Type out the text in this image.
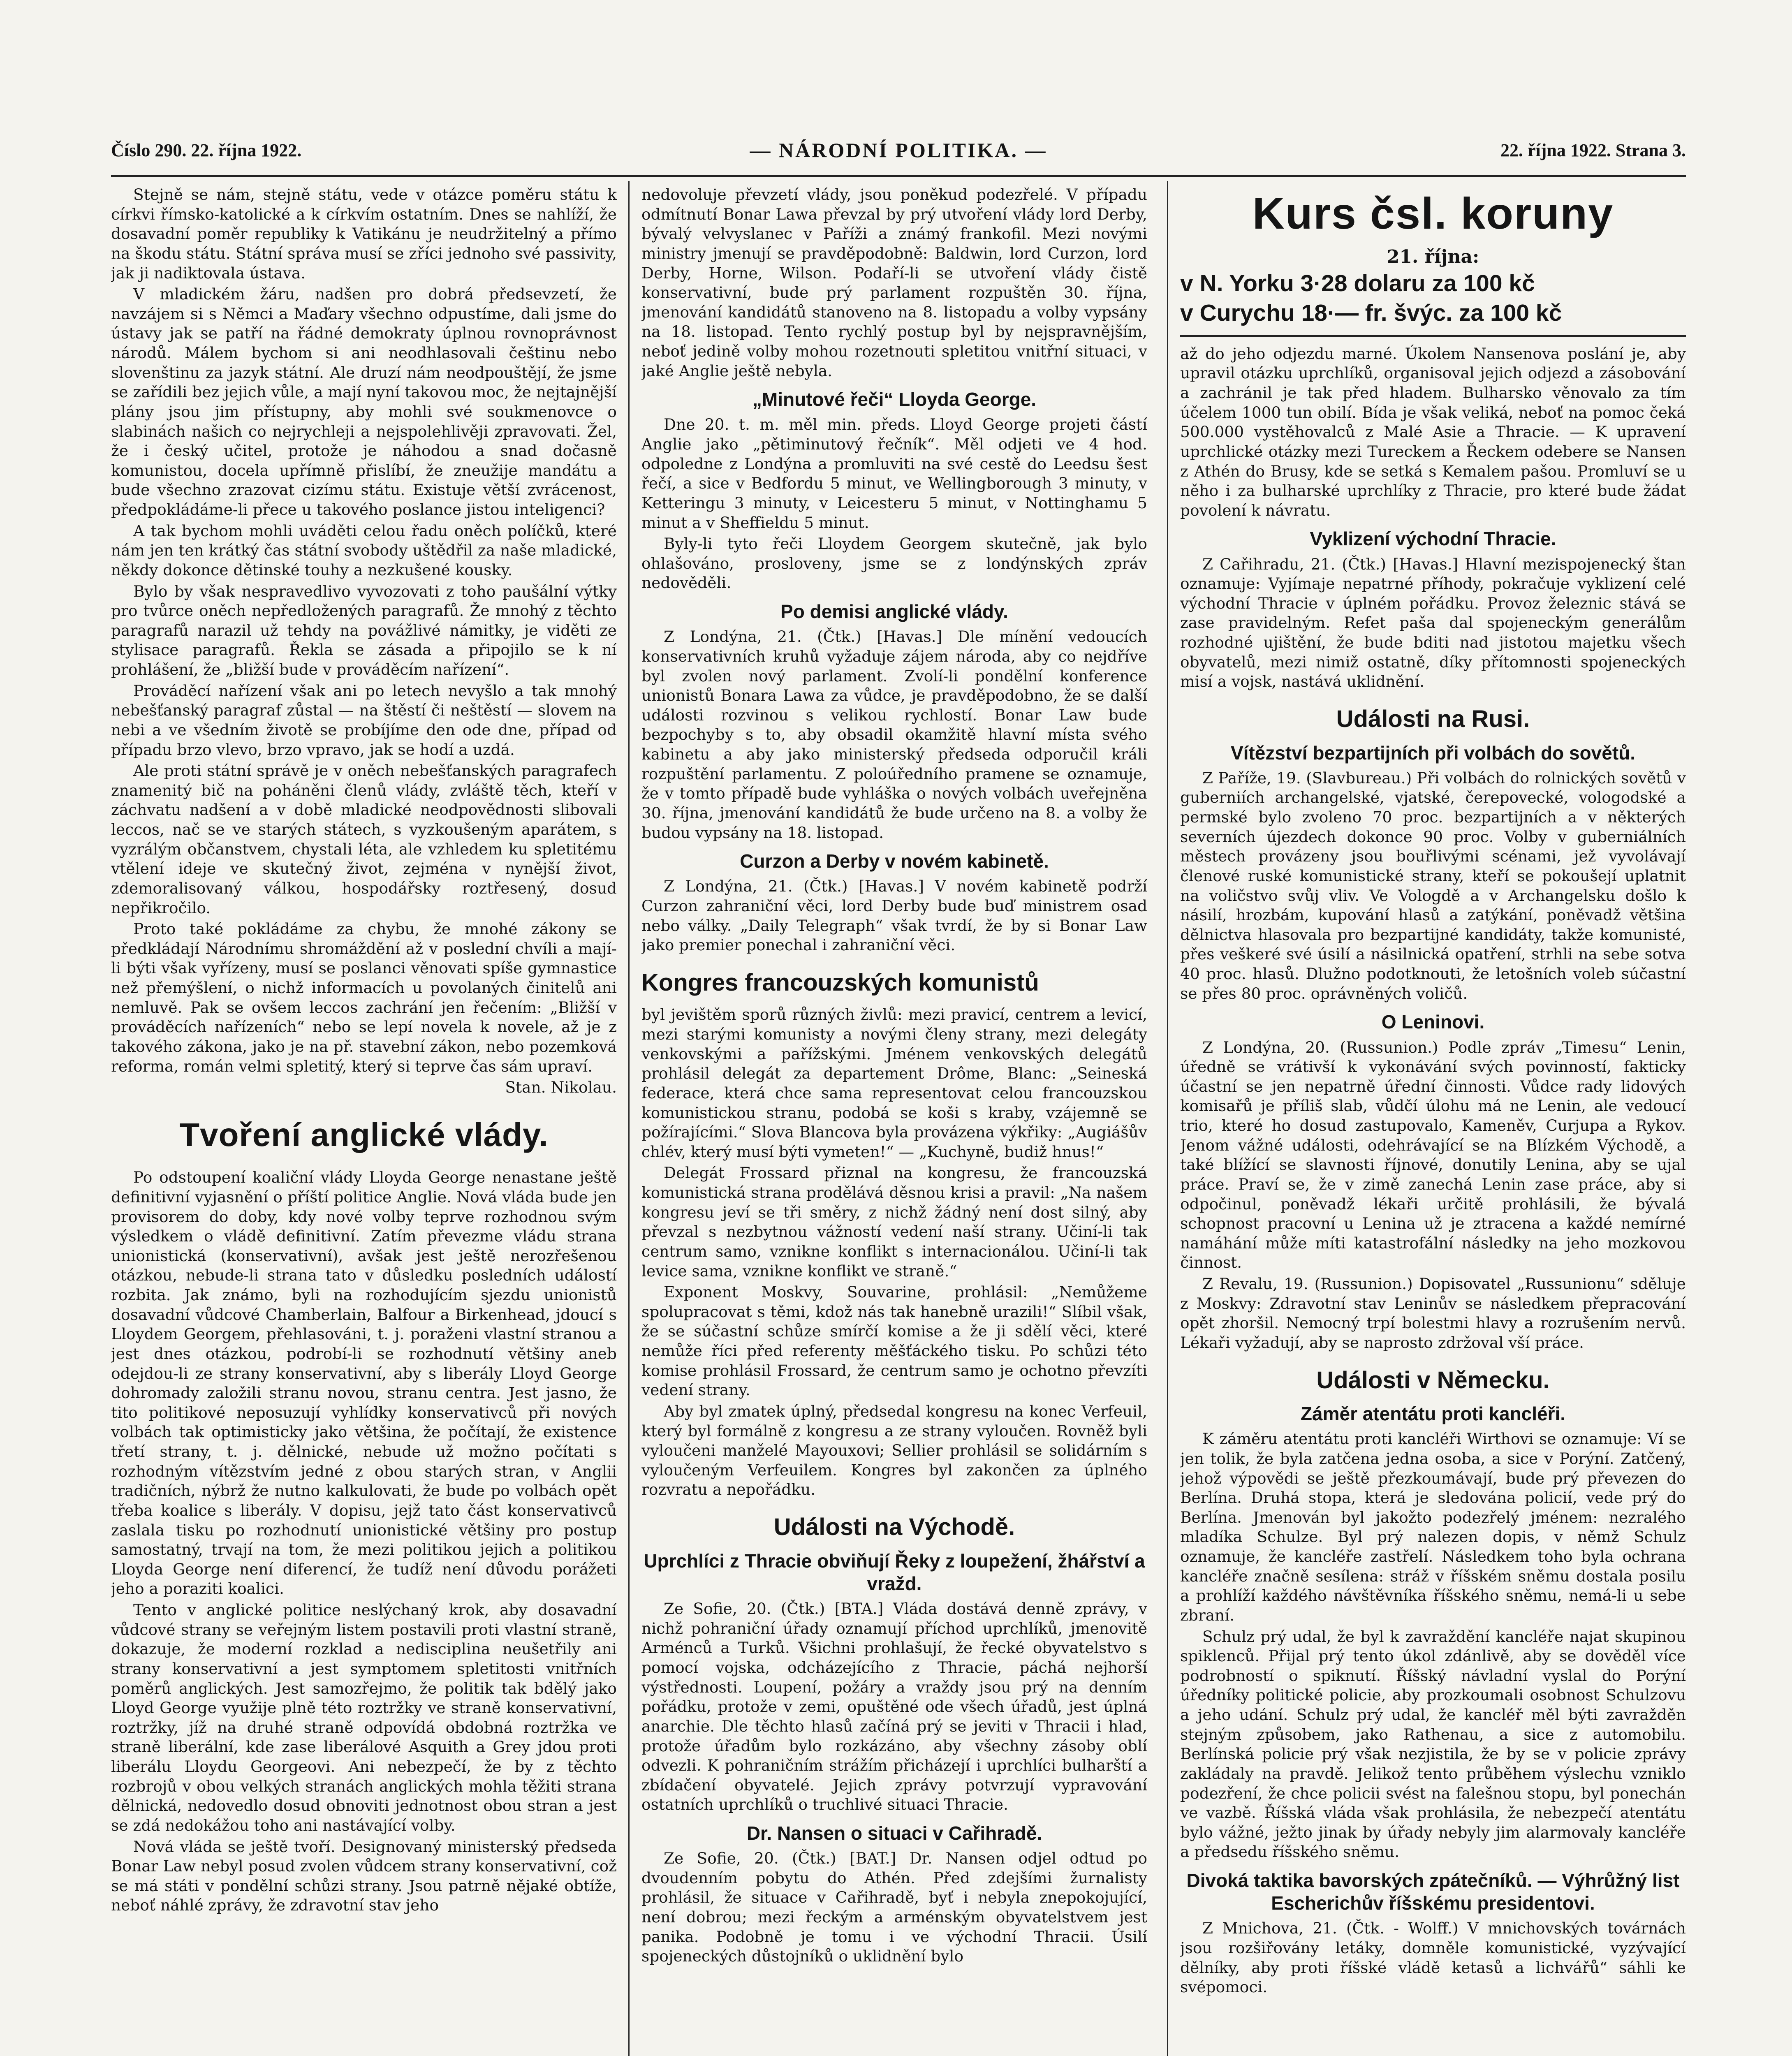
Číslo 290. 22. října 1922.	— NÁRODNÍ POLITIKA. —	22. října 1922. Strana 3.

Stejně se nám, stejně státu, vede v otázce poměru státu k církvi římsko-katolické a k církvím ostatním. Dnes se nahlíží, že dosavadní poměr republiky k Vatikánu je neudržitelný a přímo na škodu státu. Státní správa musí se zříci jednoho své passivity, jak ji nadiktovala ústava.

V mladickém žáru, nadšen pro dobrá předsevzetí, že navzájem si s Němci a Maďary všechno odpustíme, dali jsme do ústavy jak se patří na řádné demokraty úplnou rovnoprávnost národů. Málem bychom si ani neodhlasovali češtinu nebo slovenštinu za jazyk státní. Ale druzí nám neodpouštějí, že jsme se zařídili bez jejich vůle, a mají nyní takovou moc, že nejtajnější plány jsou jim přístupny, aby mohli své soukmenovce o slabinách našich co nejrychleji a nejspolehlivěji zpravovati. Žel, že i český učitel, protože je náhodou a snad dočasně komunistou, docela upřímně přislíbí, že zneužije mandátu a bude všechno zrazovat cizímu státu. Existuje větší zvrácenost, předpokládáme-li přece u takového poslance jistou inteligenci?

A tak bychom mohli uváděti celou řadu oněch políčků, které nám jen ten krátký čas státní svobody uštědřil za naše mladické, někdy dokonce dětinské touhy a nezkušené kousky.

Bylo by však nespravedlivo vyvozovati z toho paušální výtky pro tvůrce oněch nepředložených paragrafů. Že mnohý z těchto paragrafů narazil už tehdy na povážlivé námitky, je viděti ze stylisace paragrafů. Řekla se zásada a připojilo se k ní prohlášení, že „bližší bude v prováděcím nařízení“.

Prováděcí nařízení však ani po letech nevyšlo a tak mnohý nebešťanský paragraf zůstal — na štěstí či neštěstí — slovem na nebi a ve všedním životě se probíjíme den ode dne, případ od případu brzo vlevo, brzo vpravo, jak se hodí a uzdá.

Ale proti státní správě je v oněch nebešťanských paragrafech znamenitý bič na poháněni členů vlády, zvláště těch, kteří v záchvatu nadšení a v době mladické neodpovědnosti slibovali leccos, nač se ve starých státech, s vyzkoušeným aparátem, s vyzrálým občanstvem, chystali léta, ale vzhledem ku spletitému vtělení ideje ve skutečný život, zejména v nynější život, zdemoralisovaný válkou, hospodářsky roztřesený, dosud nepřikročilo.

Proto také pokládáme za chybu, že mnohé zákony se předkládají Národnímu shromáždění až v poslední chvíli a mají-li býti však vyřízeny, musí se poslanci věnovati spíše gymnastice než přemýšlení, o nichž informacích u povolaných činitelů ani nemluvě. Pak se ovšem leccos zachrání jen řečením: „Bližší v prováděcích nařízeních“ nebo se lepí novela k novele, až je z takového zákona, jako je na př. stavební zákon, nebo pozemková reforma, román velmi spletitý, který si teprve čas sám upraví.

Stan. Nikolau.

Tvoření anglické vlády.

Po odstoupení koaliční vlády Lloyda George nenastane ještě definitivní vyjasnění o příští politice Anglie. Nová vláda bude jen provisorem do doby, kdy nové volby teprve rozhodnou svým výsledkem o vládě definitivní. Zatím převezme vládu strana unionistická (konservativní), avšak jest ještě nerozřešenou otázkou, nebude-li strana tato v důsledku posledních událostí rozbita. Jak známo, byli na rozhodujícím sjezdu unionistů dosavadní vůdcové Chamberlain, Balfour a Birkenhead, jdoucí s Lloydem Georgem, přehlasováni, t. j. poraženi vlastní stranou a jest dnes otázkou, podrobí-li se rozhodnutí většiny aneb odejdou-li ze strany konservativní, aby s liberály Lloyd George dohromady založili stranu novou, stranu centra. Jest jasno, že tito politikové neposuzují vyhlídky konservativců při nových volbách tak optimisticky jako většina, že počítají, že existence třetí strany, t. j. dělnické, nebude už možno počítati s rozhodným vítězstvím jedné z obou starých stran, v Anglii tradičních, nýbrž že nutno kalkulovati, že bude po volbách opět třeba koalice s liberály. V dopisu, jejž tato část konservativců zaslala tisku po rozhodnutí unionistické většiny pro postup samostatný, trvají na tom, že mezi politikou jejich a politikou Lloyda George není diferencí, že tudíž není důvodu porážeti jeho a poraziti koalici.

Tento v anglické politice neslýchaný krok, aby dosavadní vůdcové strany se veřejným listem postavili proti vlastní straně, dokazuje, že moderní rozklad a nedisciplina neušetřily ani strany konservativní a jest symptomem spletitosti vnitřních poměrů anglických. Jest samozřejmo, že politik tak bdělý jako Lloyd George využije plně této roztržky ve straně konservativní, roztržky, jíž na druhé straně odpovídá obdobná roztržka ve straně liberální, kde zase liberálové Asquith a Grey jdou proti liberálu Lloydu Georgeovi. Ani nebezpečí, že by z těchto rozbrojů v obou velkých stranách anglických mohla těžiti strana dělnická, nedovedlo dosud obnoviti jednotnost obou stran a jest se zdá nedokážou toho ani nastávající volby.

Nová vláda se ještě tvoří. Designovaný ministerský předseda Bonar Law nebyl posud zvolen vůdcem strany konservativní, což se má státi v pondělní schůzi strany. Jsou patrně nějaké obtíže, neboť náhlé zprávy, že zdravotní stav jeho

nedovoluje převzetí vlády, jsou poněkud podezřelé. V případu odmítnutí Bonar Lawa převzal by prý utvoření vlády lord Derby, bývalý velvyslanec v Paříži a známý frankofil. Mezi novými ministry jmenují se pravděpodobně: Baldwin, lord Curzon, lord Derby, Horne, Wilson. Podaří-li se utvoření vlády čistě konservativní, bude prý parlament rozpuštěn 30. října, jmenování kandidátů stanoveno na 8. listopadu a volby vypsány na 18. listopad. Tento rychlý postup byl by nejspravnějším, neboť jedině volby mohou rozetnouti spletitou vnitřní situaci, v jaké Anglie ještě nebyla.

„Minutové řeči“ Lloyda George.

Dne 20. t. m. měl min. předs. Lloyd George projeti částí Anglie jako „pětiminutový řečník“. Měl odjeti ve 4 hod. odpoledne z Londýna a promluviti na své cestě do Leedsu šest řečí, a sice v Bedfordu 5 minut, ve Wellingborough 3 minuty, v Ketteringu 3 minuty, v Leicesteru 5 minut, v Nottinghamu 5 minut a v Sheffieldu 5 minut.

Byly-li tyto řeči Lloydem Georgem skutečně, jak bylo ohlašováno, prosloveny, jsme se z londýnských zpráv nedověděli.

Po demisi anglické vlády.

Z Londýna, 21. (Čtk.) [Havas.] Dle mínění vedoucích konservativních kruhů vyžaduje zájem národa, aby co nejdříve byl zvolen nový parlament. Zvolí-li pondělní konference unionistů Bonara Lawa za vůdce, je pravděpodobno, že se další události rozvinou s velikou rychlostí. Bonar Law bude bezpochyby s to, aby obsadil okamžitě hlavní místa svého kabinetu a aby jako ministerský předseda odporučil králi rozpuštění parlamentu. Z poloúředního pramene se oznamuje, že v tomto případě bude vyhláška o nových volbách uveřejněna 30. října, jmenování kandidátů že bude určeno na 8. a volby že budou vypsány na 18. listopad.

Curzon a Derby v novém kabinetě.

Z Londýna, 21. (Čtk.) [Havas.] V novém kabinetě podrží Curzon zahraniční věci, lord Derby bude buď ministrem osad nebo války. „Daily Telegraph“ však tvrdí, že by si Bonar Law jako premier ponechal i zahraniční věci.

Kongres francouzských komunistů

byl jevištěm sporů různých živlů: mezi pravicí, centrem a levicí, mezi starými komunisty a novými členy strany, mezi delegáty venkovskými a pařížskými. Jménem venkovských delegátů prohlásil delegát za departement Drôme, Blanc: „Seineská federace, která chce sama representovat celou francouzskou komunistickou stranu, podobá se koši s kraby, vzájemně se požírajícími.“ Slova Blancova byla provázena výkřiky: „Augiášův chlév, který musí býti vymeten!“ — „Kuchyně, budiž hnus!“

Delegát Frossard přiznal na kongresu, že francouzská komunistická strana prodělává děsnou krisi a pravil: „Na našem kongresu jeví se tři směry, z nichž žádný není dost silný, aby převzal s nezbytnou vážností vedení naší strany. Učiní-li tak centrum samo, vznikne konflikt s internacionálou. Učiní-li tak levice sama, vznikne konflikt ve straně.“

Exponent Moskvy, Souvarine, prohlásil: „Nemůžeme spolupracovat s těmi, kdož nás tak hanebně urazili!“ Slíbil však, že se súčastní schůze smírčí komise a že ji sdělí věci, které nemůže říci před referenty měšťáckého tisku. Po schůzi této komise prohlásil Frossard, že centrum samo je ochotno převzíti vedení strany.

Aby byl zmatek úplný, předsedal kongresu na konec Verfeuil, který byl formálně z kongresu a ze strany vyloučen. Rovněž byli vyloučeni manželé Mayouxovi; Sellier prohlásil se solidárním s vyloučeným Verfeuilem. Kongres byl zakončen za úplného rozvratu a nepořádku.

Události na Východě.
Uprchlíci z Thracie obviňují Řeky z loupežení, žhářství a vražd.

Ze Sofie, 20. (Čtk.) [BTA.] Vláda dostává denně zprávy, v nichž pohraniční úřady oznamují příchod uprchlíků, jmenovitě Arménců a Turků. Všichni prohlašují, že řecké obyvatelstvo s pomocí vojska, odcházejícího z Thracie, páchá nejhorší výstřednosti. Loupení, požáry a vraždy jsou prý na denním pořádku, protože v zemi, opuštěné ode všech úřadů, jest úplná anarchie. Dle těchto hlasů začíná prý se jeviti v Thracii i hlad, protože úřadům bylo rozkázáno, aby všechny zásoby oblí odvezli. K pohraničním strážím přicházejí i uprchlíci bulharští a zbídačení obyvatelé. Jejich zprávy potvrzují vypravování ostatních uprchlíků o truchlivé situaci Thracie.

Dr. Nansen o situaci v Cařihradě.

Ze Sofie, 20. (Čtk.) [BAT.] Dr. Nansen odjel odtud po dvoudenním pobytu do Athén. Před zdejšími žurnalisty prohlásil, že situace v Cařihradě, byť i nebyla znepokojující, není dobrou; mezi řeckým a arménským obyvatelstvem jest panika. Podobně je tomu i ve východní Thracii. Úsilí spojeneckých důstojníků o uklidnění bylo

Kurs čsl. koruny
21. října:
v N. Yorku 3·28 dolaru za 100 kč
v Curychu 18·— fr. švýc. za 100 kč

až do jeho odjezdu marné. Úkolem Nansenova poslání je, aby upravil otázku uprchlíků, organisoval jejich odjezd a zásobování a zachránil je tak před hladem. Bulharsko věnovalo za tím účelem 1000 tun obilí. Bída je však veliká, neboť na pomoc čeká 500.000 vystěhovalců z Malé Asie a Thracie. — K upravení uprchlické otázky mezi Tureckem a Řeckem odebere se Nansen z Athén do Brusy, kde se setká s Kemalem pašou. Promluví se u něho i za bulharské uprchlíky z Thracie, pro které bude žádat povolení k návratu.

Vyklizení východní Thracie.

Z Cařihradu, 21. (Čtk.) [Havas.] Hlavní mezispojenecký štan oznamuje: Vyjímaje nepatrné příhody, pokračuje vyklizení celé východní Thracie v úplném pořádku. Provoz železnic stává se zase pravidelným. Refet paša dal spojeneckým generálům rozhodné ujištění, že bude bditi nad jistotou majetku všech obyvatelů, mezi nimiž ostatně, díky přítomnosti spojeneckých misí a vojsk, nastává uklidnění.

Události na Rusi.
Vítězství bezpartijních při volbách do sovětů.

Z Paříže, 19. (Slavbureau.) Při volbách do rolnických sovětů v guberniích archangelské, vjatské, čerepovecké, vologodské a permské bylo zvoleno 70 proc. bezpartijních a v některých severních újezdech dokonce 90 proc. Volby v guberniálních městech provázeny jsou bouřlivými scénami, jež vyvolávají členové ruské komunistické strany, kteří se pokoušejí uplatnit na voličstvo svůj vliv. Ve Vologdě a v Archangelsku došlo k násilí, hrozbám, kupování hlasů a zatýkání, poněvadž většina dělnictva hlasovala pro bezpartijné kandidáty, takže komunisté, přes veškeré své úsilí a násilnická opatření, strhli na sebe sotva 40 proc. hlasů. Dlužno podotknouti, že letošních voleb súčastní se přes 80 proc. oprávněných voličů.

O Leninovi.

Z Londýna, 20. (Russunion.) Podle zpráv „Timesu“ Lenin, úředně se vrátivší k vykonávání svých povinností, fakticky účastní se jen nepatrně úřední činnosti. Vůdce rady lidových komisařů je příliš slab, vůdčí úlohu má ne Lenin, ale vedoucí trio, které ho dosud zastupovalo, Kameněv, Curjupa a Rykov. Jenom vážné události, odehrávající se na Blízkém Východě, a také blížící se slavnosti říjnové, donutily Lenina, aby se ujal práce. Praví se, že v zimě zanechá Lenin zase práce, aby si odpočinul, poněvadž lékaři určitě prohlásili, že bývalá schopnost pracovní u Lenina už je ztracena a každé nemírné namáhání může míti katastrofální následky na jeho mozkovou činnost.

Z Revalu, 19. (Russunion.) Dopisovatel „Russunionu“ sděluje z Moskvy: Zdravotní stav Leninův se následkem přepracování opět zhoršil. Nemocný trpí bolestmi hlavy a rozrušením nervů. Lékaři vyžadují, aby se naprosto zdržoval vší práce.

Události v Německu.
Záměr atentátu proti kancléři.

K záměru atentátu proti kancléři Wirthovi se oznamuje: Ví se jen tolik, že byla zatčena jedna osoba, a sice v Porýní. Zatčený, jehož výpovědi se ještě přezkoumávají, bude prý převezen do Berlína. Druhá stopa, která je sledována policií, vede prý do Berlína. Jmenován byl jakožto podezřelý jménem: nezralého mladíka Schulze. Byl prý nalezen dopis, v němž Schulz oznamuje, že kancléře zastřelí. Následkem toho byla ochrana kancléře značně sesílena: stráž v říšském sněmu dostala posilu a prohlíží každého návštěvníka říšského sněmu, nemá-li u sebe zbraní.

Schulz prý udal, že byl k zavraždění kancléře najat skupinou spiklenců. Přijal prý tento úkol zdánlivě, aby se dověděl více podrobností o spiknutí. Říšský návladní vyslal do Porýní úředníky politické policie, aby prozkoumali osobnost Schulzovu a jeho udání. Schulz prý udal, že kancléř měl býti zavražděn stejným způsobem, jako Rathenau, a sice z automobilu. Berlínská policie prý však nezjistila, že by se v policie zprávy zakládaly na pravdě. Jelikož tento průběhem výslechu vzniklo podezření, že chce policii svést na falešnou stopu, byl ponechán ve vazbě. Říšská vláda však prohlásila, že nebezpečí atentátu bylo vážné, ježto jinak by úřady nebyly jim alarmovaly kancléře a předsedu říšského sněmu.

Divoká taktika bavorských zpátečníků. — Výhrůžný list Escherichův říšskému presidentovi.

Z Mnichova, 21. (Čtk. - Wolff.) V mnichovských továrnách jsou rozšiřovány letáky, domněle komunistické, vyzývající dělníky, aby proti říšské vládě ketasů a lichvářů“ sáhli ke svépomoci.
